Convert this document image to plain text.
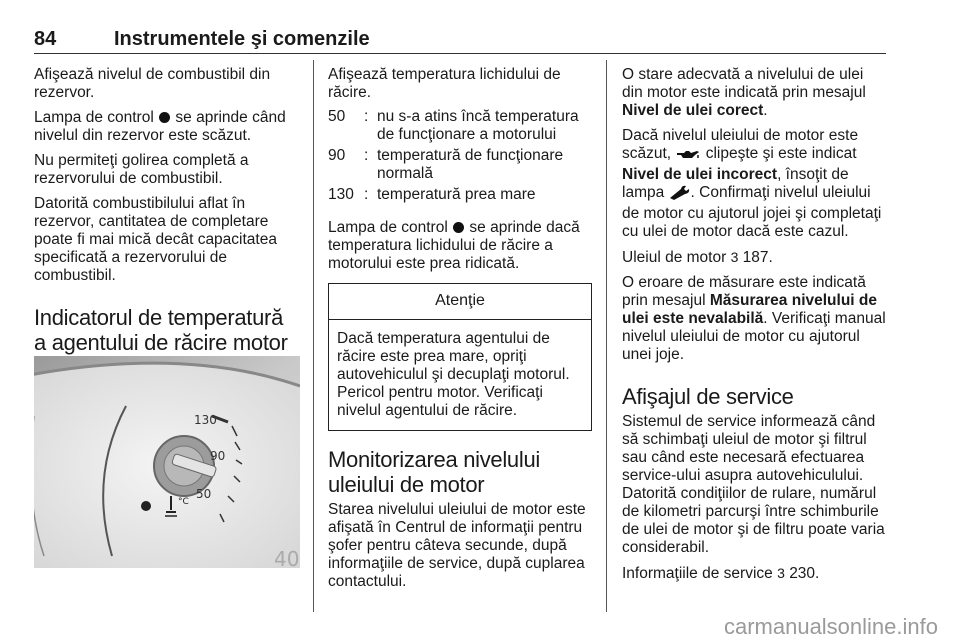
84	Instrumentele şi comenzile

Afişează nivelul de combustibil din rezervor.

Lampa de control se aprinde când nivelul din rezervor este scăzut.

Nu permiteţi golirea completă a rezervorului de combustibil.

Datorită combustibilului aflat în rezervor, cantitatea de completare poate fi mai mică decât capacitatea specificată a rezervorului de combustibil.

Indicatorul de temperatură a agentului de răcire motor
130
90
50
°C
40

Afişează temperatura lichidului de răcire.

50	:	nu s-a atins încă temperatura de funcţionare a motorului
90	:	temperatură de funcţionare normală
130	:	temperatură prea mare

Lampa de control se aprinde dacă temperatura lichidului de răcire a motorului este prea ridicată.

Atenţie
Dacă temperatura agentului de răcire este prea mare, opriţi autovehiculul şi decuplaţi motorul. Pericol pentru motor. Verificaţi nivelul agentului de răcire.
Monitorizarea nivelului uleiului de motor

Starea nivelului uleiului de motor este afişată în Centrul de informaţii pentru şofer pentru câteva secunde, după informaţiile de service, după cuplarea contactului.

O stare adecvată a nivelului de ulei din motor este indicată prin mesajul Nivel de ulei corect.

Dacă nivelul uleiului de motor este scăzut, clipeşte şi este indicat Nivel de ulei incorect, însoţit de lampa . Confirmaţi nivelul uleiului de motor cu ajutorul jojei şi completaţi cu ulei de motor dacă este cazul.

Uleiul de motor 3 187.

O eroare de măsurare este indicată prin mesajul Măsurarea nivelului de ulei este nevalabilă. Verificaţi manual nivelul uleiului de motor cu ajutorul unei joje.

Afişajul de service

Sistemul de service informează când să schimbaţi uleiul de motor şi filtrul sau când este necesară efectuarea service-ului asupra autovehiculului. Datorită condiţiilor de rulare, numărul de kilometri parcurşi între schimburile de ulei de motor şi de filtru poate varia considerabil.

Informaţiile de service 3 230.

carmanualsonline.info
